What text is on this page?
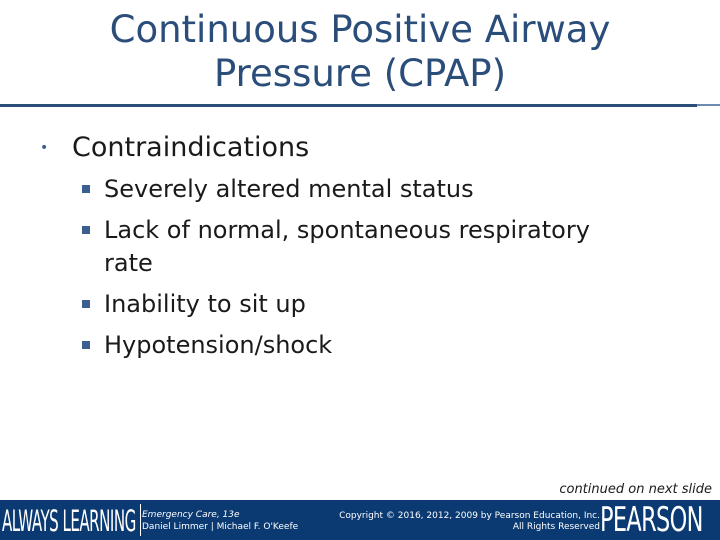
Continuous Positive Airway
Pressure (CPAP)
• Contraindications
Severely altered mental status
Lack of normal, spontaneous respiratory
rate
Inability to sit up
Hypotension/shock
continued on next slide
ALWAYS LEARNING Emergency Care, 13e
Daniel Limmer | Michael F. O'Keefe
Copyright © 2016, 2012, 2009 by Pearson Education, Inc.
All Rights Reserved PEARSON
